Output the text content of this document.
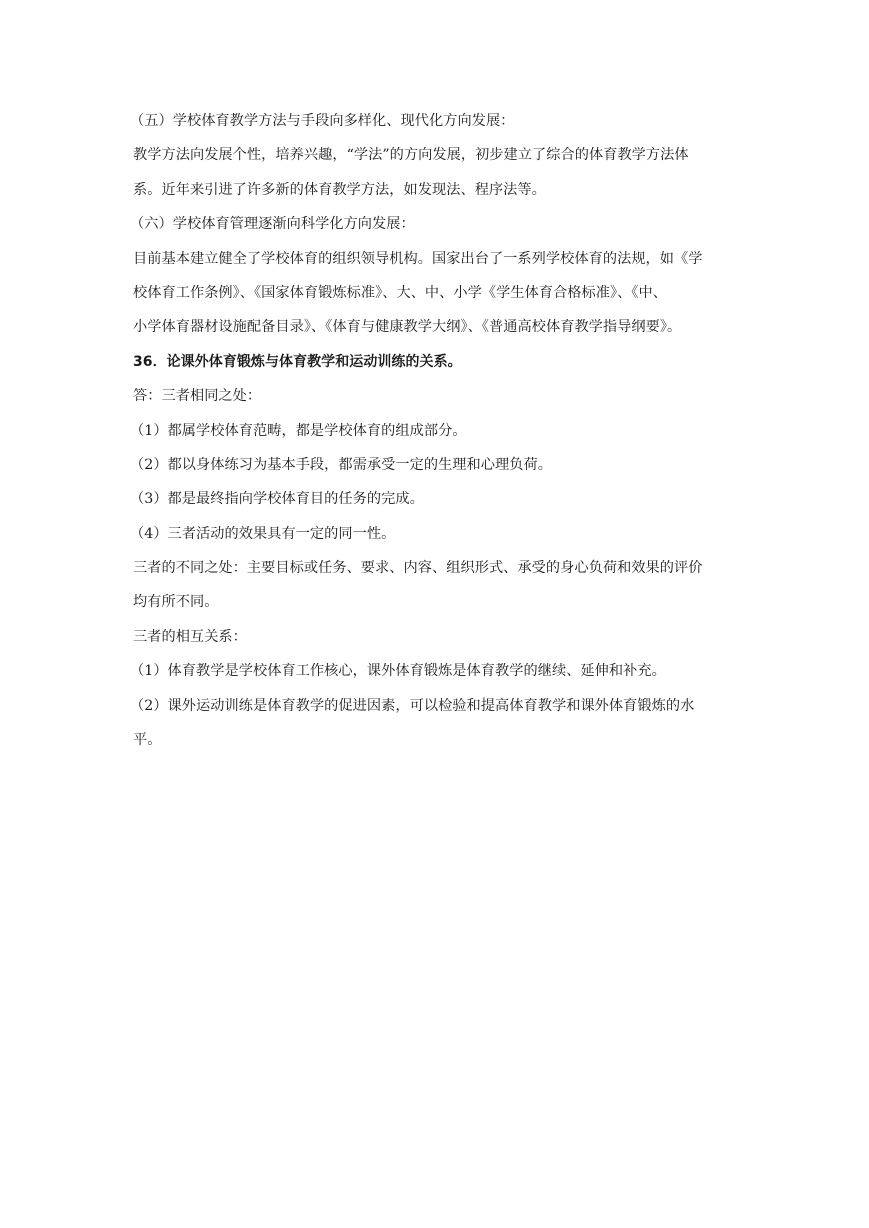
（五）学校体育教学方法与手段向多样化、现代化方向发展：
教学方法向发展个性，培养兴趣，“学法”的方向发展，初步建立了综合的体育教学方法体
系。近年来引进了许多新的体育教学方法，如发现法、程序法等。
（六）学校体育管理逐渐向科学化方向发展：
目前基本建立健全了学校体育的组织领导机构。国家出台了一系列学校体育的法规，如《学
校体育工作条例》、《国家体育锻炼标准》、大、中、小学《学生体育合格标准》、《中、
小学体育器材设施配备目录》、《体育与健康教学大纲》、《普通高校体育教学指导纲要》。
36．论课外体育锻炼与体育教学和运动训练的关系。
答：三者相同之处：
（1）都属学校体育范畴，都是学校体育的组成部分。
（2）都以身体练习为基本手段，都需承受一定的生理和心理负荷。
（3）都是最终指向学校体育目的任务的完成。
（4）三者活动的效果具有一定的同一性。
三者的不同之处：主要目标或任务、要求、内容、组织形式、承受的身心负荷和效果的评价
均有所不同。
三者的相互关系：
（1）体育教学是学校体育工作核心，课外体育锻炼是体育教学的继续、延伸和补充。
（2）课外运动训练是体育教学的促进因素，可以检验和提高体育教学和课外体育锻炼的水
平。
